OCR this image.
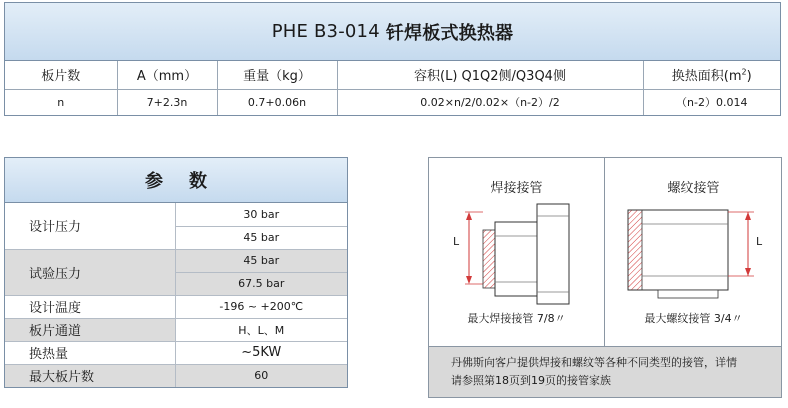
PHE B3-014 钎焊板式换热器
板片数	A（mm）	重量（kg）	容积(L) Q1Q2侧/Q3Q4侧	换热面积$(m^2)$
n	7+2.3n	0.7+0.06n	0.02×n/2/0.02×（n-2）/2	（n-2）0.014
参数
设计压力	30 bar
	45 bar
试验压力	45 bar
	67.5 bar
设计温度	-196 ~ +200℃
板片通道	H、L、M
换热量	~5KW
最大板片数	60
焊接接管
L
最大焊接接管 7/8〃
螺纹接管
L
最大螺纹接管 3/4〃
丹佛斯向客户提供焊接和螺纹等各种不同类型的接管，详情
请参照第18页到19页的接管家族
